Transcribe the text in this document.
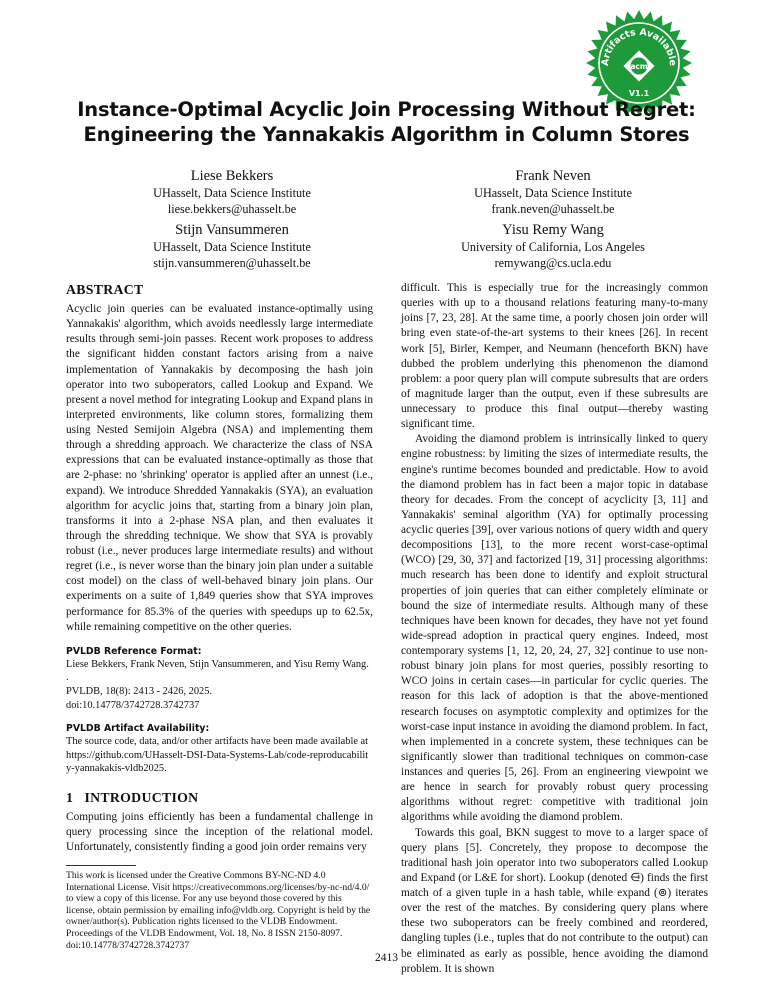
Artifacts Available
acm
V1.1
Instance-Optimal Acyclic Join Processing Without Regret:
Engineering the Yannakakis Algorithm in Column Stores
Liese Bekkers
UHasselt, Data Science Institute
liese.bekkers@uhasselt.be
Frank Neven
UHasselt, Data Science Institute
frank.neven@uhasselt.be
Stijn Vansummeren
UHasselt, Data Science Institute
stijn.vansummeren@uhasselt.be
Yisu Remy Wang
University of California, Los Angeles
remywang@cs.ucla.edu
ABSTRACT

Acyclic join queries can be evaluated instance-optimally using Yannakakis' algorithm, which avoids needlessly large intermediate results through semi-join passes. Recent work proposes to address the significant hidden constant factors arising from a naive implementation of Yannakakis by decomposing the hash join operator into two suboperators, called Lookup and Expand. We present a novel method for integrating Lookup and Expand plans in interpreted environments, like column stores, formalizing them using Nested Semijoin Algebra (NSA) and implementing them through a shredding approach. We characterize the class of NSA expressions that can be evaluated instance-optimally as those that are 2-phase: no 'shrinking' operator is applied after an unnest (i.e., expand). We introduce Shredded Yannakakis (SYA), an evaluation algorithm for acyclic joins that, starting from a binary join plan, transforms it into a 2-phase NSA plan, and then evaluates it through the shredding technique. We show that SYA is provably robust (i.e., never produces large intermediate results) and without regret (i.e., is never worse than the binary join plan under a suitable cost model) on the class of well-behaved binary join plans. Our experiments on a suite of 1,849 queries show that SYA improves performance for 85.3% of the queries with speedups up to 62.5x, while remaining competitive on the other queries.

PVLDB Reference Format:

Liese Bekkers, Frank Neven, Stijn Vansummeren, and Yisu Remy Wang. .

PVLDB, 18(8): 2413 - 2426, 2025.

doi:10.14778/3742728.3742737

PVLDB Artifact Availability:

The source code, data, and/or other artifacts have been made available at

https://github.com/UHasselt-DSI-Data-Systems-Lab/code-reproducabilit
y-yannakakis-vldb2025.

1 INTRODUCTION

Computing joins efficiently has been a fundamental challenge in query processing since the inception of the relational model. Unfortunately, consistently finding a good join order remains very

This work is licensed under the Creative Commons BY-NC-ND 4.0 International License. Visit https://creativecommons.org/licenses/by-nc-nd/4.0/ to view a copy of this license. For any use beyond those covered by this license, obtain permission by emailing info@vldb.org. Copyright is held by the owner/author(s). Publication rights licensed to the VLDB Endowment.

Proceedings of the VLDB Endowment, Vol. 18, No. 8 ISSN 2150-8097.

doi:10.14778/3742728.3742737

difficult. This is especially true for the increasingly common queries with up to a thousand relations featuring many-to-many joins [7, 23, 28]. At the same time, a poorly chosen join order will bring even state-of-the-art systems to their knees [26]. In recent work [5], Birler, Kemper, and Neumann (henceforth BKN) have dubbed the problem underlying this phenomenon the diamond problem: a poor query plan will compute subresults that are orders of magnitude larger than the output, even if these subresults are unnecessary to produce this final output—thereby wasting significant time.

Avoiding the diamond problem is intrinsically linked to query engine robustness: by limiting the sizes of intermediate results, the engine's runtime becomes bounded and predictable. How to avoid the diamond problem has in fact been a major topic in database theory for decades. From the concept of acyclicity [3, 11] and Yannakakis' seminal algorithm (YA) for optimally processing acyclic queries [39], over various notions of query width and query decompositions [13], to the more recent worst-case-optimal (WCO) [29, 30, 37] and factorized [19, 31] processing algorithms: much research has been done to identify and exploit structural properties of join queries that can either completely eliminate or bound the size of intermediate results. Although many of these techniques have been known for decades, they have not yet found wide-spread adoption in practical query engines. Indeed, most contemporary systems [1, 12, 20, 24, 27, 32] continue to use non-robust binary join plans for most queries, possibly resorting to WCO joins in certain cases—in particular for cyclic queries. The reason for this lack of adoption is that the above-mentioned research focuses on asymptotic complexity and optimizes for the worst-case input instance in avoiding the diamond problem. In fact, when implemented in a concrete system, these techniques can be significantly slower than traditional techniques on common-case instances and queries [5, 26]. From an engineering viewpoint we are hence in search for provably robust query processing algorithms without regret: competitive with traditional join algorithms while avoiding the diamond problem.

Towards this goal, BKN suggest to move to a larger space of query plans [5]. Concretely, they propose to decompose the traditional hash join operator into two suboperators called Lookup and Expand (or L&E for short). Lookup (denoted ⋳) finds the first match of a given tuple in a hash table, while expand (⊚) iterates over the rest of the matches. By considering query plans where these two suboperators can be freely combined and reordered, dangling tuples (i.e., tuples that do not contribute to the output) can be eliminated as early as possible, hence avoiding the diamond problem. It is shown

2413
